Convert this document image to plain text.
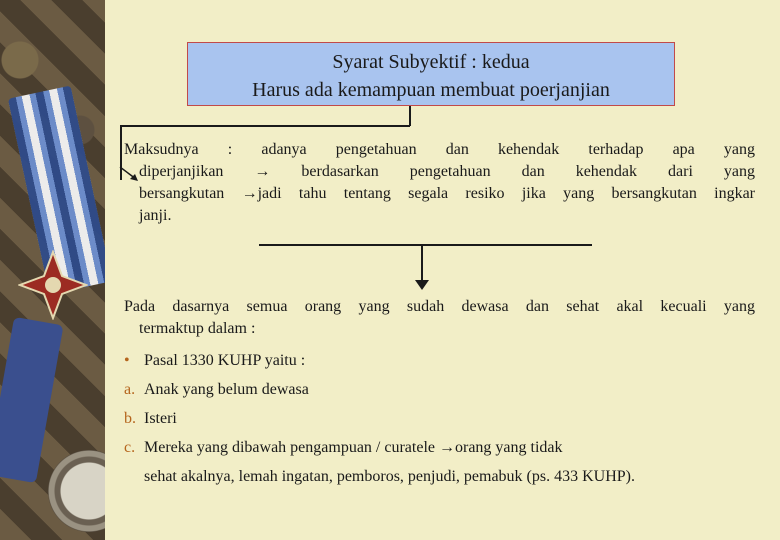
Syarat Subyektif : kedua
Harus ada kemampuan membuat poerjanjian
Maksudnya : adanya pengetahuan dan kehendak terhadap apa yang
diperjanjikan → berdasarkan pengetahuan dan kehendak dari yang
bersangkutan →jadi tahu tentang segala resiko jika yang bersangkutan ingkar
janji.
Pada dasarnya semua orang yang sudah dewasa dan sehat akal kecuali yang
termaktup dalam :
• Pasal 1330 KUHP yaitu :
a. Anak yang belum dewasa
b. Isteri
c. Mereka yang dibawah pengampuan / curatele →orang yang tidak
sehat akalnya, lemah ingatan, pemboros, penjudi, pemabuk (ps. 433 KUHP).
